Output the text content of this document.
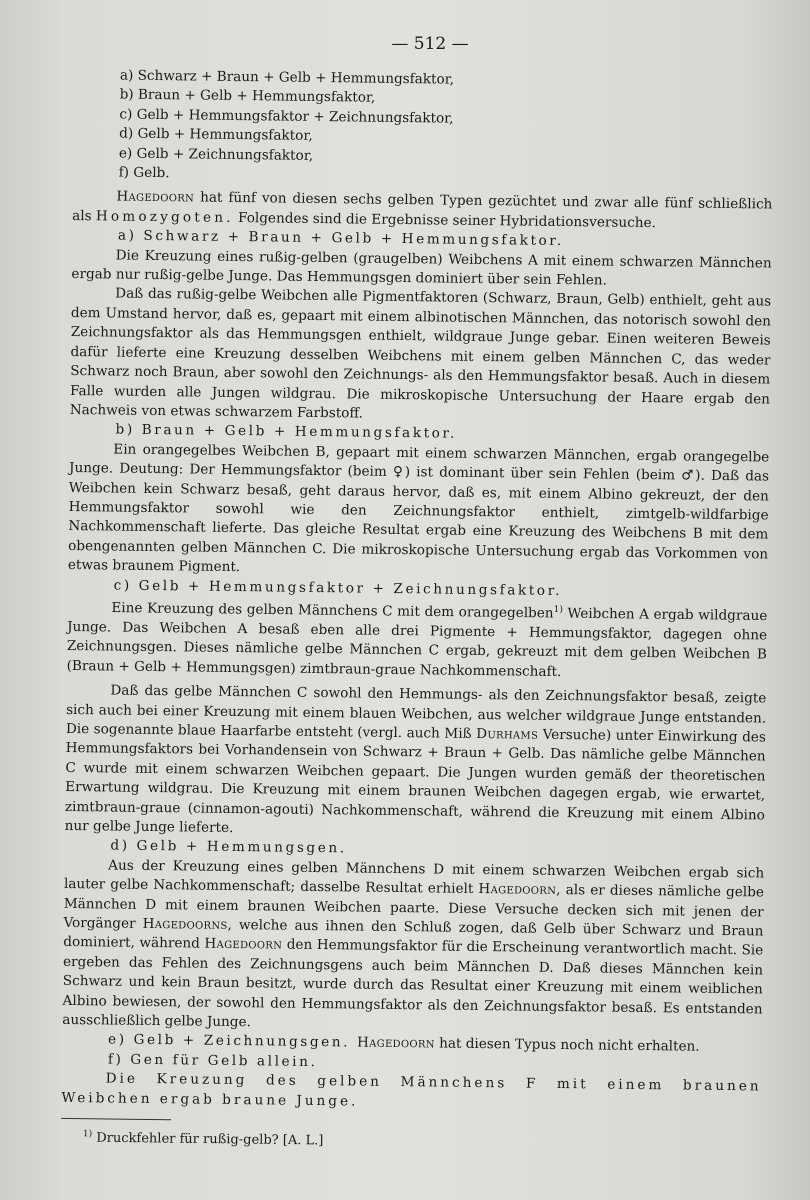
— 512 —
a) Schwarz + Braun + Gelb + Hemmungsfaktor,
b) Braun + Gelb + Hemmungsfaktor,
c) Gelb + Hemmungsfaktor + Zeichnungsfaktor,
d) Gelb + Hemmungsfaktor,
e) Gelb + Zeichnungsfaktor,
f) Gelb.

Hagedoorn hat fünf von diesen sechs gelben Typen gezüchtet und zwar alle fünf schließlich als Homozygoten. Folgendes sind die Ergebnisse seiner Hybridationsversuche.

a) Schwarz + Braun + Gelb + Hemmungsfaktor.

Die Kreuzung eines rußig-gelben (graugelben) Weibchens A mit einem schwarzen Männchen ergab nur rußig-gelbe Junge. Das Hemmungsgen dominiert über sein Fehlen.

Daß das rußig-gelbe Weibchen alle Pigmentfaktoren (Schwarz, Braun, Gelb) enthielt, geht aus dem Umstand hervor, daß es, gepaart mit einem albinotischen Männchen, das notorisch sowohl den Zeichnungsfaktor als das Hemmungsgen enthielt, wildgraue Junge gebar. Einen weiteren Beweis dafür lieferte eine Kreuzung desselben Weibchens mit einem gelben Männchen C, das weder Schwarz noch Braun, aber sowohl den Zeichnungs- als den Hemmungsfaktor besaß. Auch in diesem Falle wurden alle Jungen wildgrau. Die mikroskopische Untersuchung der Haare ergab den Nachweis von etwas schwarzem Farbstoff.

b) Braun + Gelb + Hemmungsfaktor.

Ein orangegelbes Weibchen B, gepaart mit einem schwarzen Männchen, ergab orangegelbe Junge. Deutung: Der Hemmungsfaktor (beim ♀) ist dominant über sein Fehlen (beim ♂). Daß das Weibchen kein Schwarz besaß, geht daraus hervor, daß es, mit einem Albino gekreuzt, der den Hemmungsfaktor sowohl wie den Zeichnungsfaktor enthielt, zimtgelb-wildfarbige Nachkommenschaft lieferte. Das gleiche Resultat ergab eine Kreuzung des Weibchens B mit dem obengenannten gelben Männchen C. Die mikroskopische Untersuchung ergab das Vorkommen von etwas braunem Pigment.

c) Gelb + Hemmungsfaktor + Zeichnungsfaktor.

Eine Kreuzung des gelben Männchens C mit dem orangegelben$^{1)}$ Weibchen A ergab wildgraue Junge. Das Weibchen A besaß eben alle drei Pigmente + Hemmungsfaktor, dagegen ohne Zeichnungsgen. Dieses nämliche gelbe Männchen C ergab, gekreuzt mit dem gelben Weibchen B (Braun + Gelb + Hemmungsgen) zimtbraun-graue Nachkommenschaft.

Daß das gelbe Männchen C sowohl den Hemmungs- als den Zeichnungsfaktor besaß, zeigte sich auch bei einer Kreuzung mit einem blauen Weibchen, aus welcher wildgraue Junge entstanden. Die sogenannte blaue Haarfarbe entsteht (vergl. auch Miß Durhams Versuche) unter Einwirkung des Hemmungsfaktors bei Vorhandensein von Schwarz + Braun + Gelb. Das nämliche gelbe Männchen C wurde mit einem schwarzen Weibchen gepaart. Die Jungen wurden gemäß der theoretischen Erwartung wildgrau. Die Kreuzung mit einem braunen Weibchen dagegen ergab, wie erwartet, zimtbraun-graue (cinnamon-agouti) Nachkommenschaft, während die Kreuzung mit einem Albino nur gelbe Junge lieferte.

d) Gelb + Hemmungsgen.

Aus der Kreuzung eines gelben Männchens D mit einem schwarzen Weibchen ergab sich lauter gelbe Nachkommenschaft; dasselbe Resultat erhielt Hagedoorn, als er dieses nämliche gelbe Männchen D mit einem braunen Weibchen paarte. Diese Versuche decken sich mit jenen der Vorgänger Hagedoorns, welche aus ihnen den Schluß zogen, daß Gelb über Schwarz und Braun dominiert, während Hagedoorn den Hemmungsfaktor für die Erscheinung verantwortlich macht. Sie ergeben das Fehlen des Zeichnungsgens auch beim Männchen D. Daß dieses Männchen kein Schwarz und kein Braun besitzt, wurde durch das Resultat einer Kreuzung mit einem weiblichen Albino bewiesen, der sowohl den Hemmungsfaktor als den Zeichnungsfaktor besaß. Es entstanden ausschließlich gelbe Junge.

e) Gelb + Zeichnungsgen. Hagedoorn hat diesen Typus noch nicht erhalten.
f) Gen für Gelb allein.

Die Kreuzung des gelben Männchens F mit einem braunen Weibchen ergab braune Junge.

$^{1)}$ Druckfehler für rußig-gelb? [A. L.]
